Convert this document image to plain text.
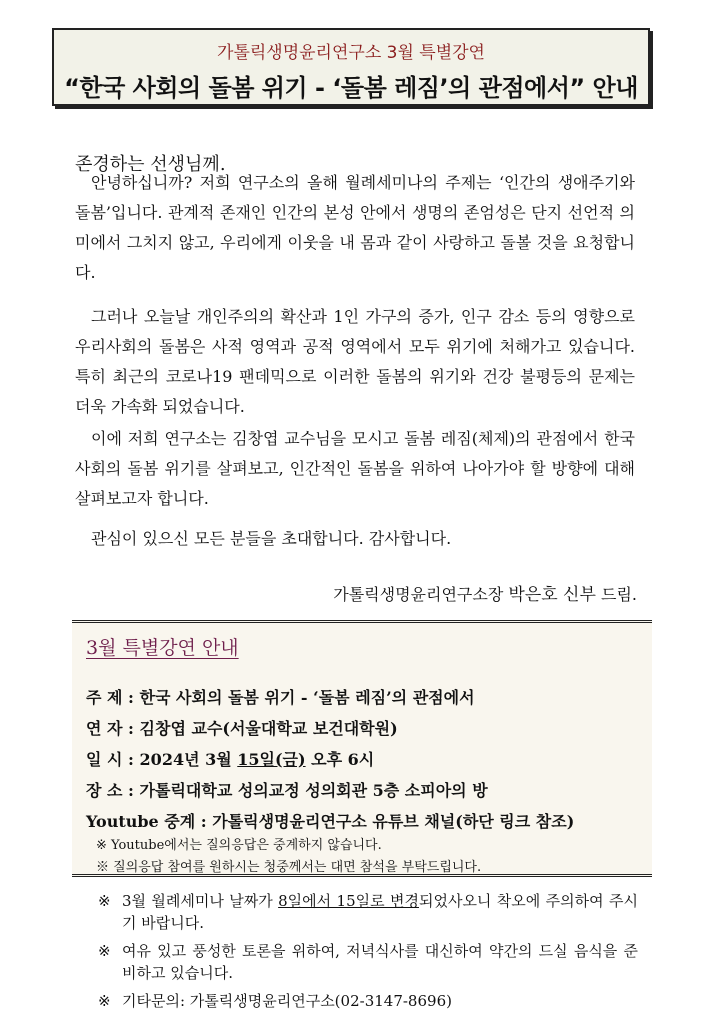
가톨릭생명윤리연구소 3월 특별강연
“한국 사회의 돌봄 위기 - ‘돌봄 레짐’의 관점에서” 안내
존경하는 선생님께.

안녕하십니까? 저희 연구소의 올해 월례세미나의 주제는 ‘인간의 생애주기와 돌봄’입니다. 관계적 존재인 인간의 본성 안에서 생명의 존엄성은 단지 선언적 의미에서 그치지 않고, 우리에게 이웃을 내 몸과 같이 사랑하고 돌볼 것을 요청합니다.

그러나 오늘날 개인주의의 확산과 1인 가구의 증가, 인구 감소 등의 영향으로 우리사회의 돌봄은 사적 영역과 공적 영역에서 모두 위기에 처해가고 있습니다. 특히 최근의 코로나19 팬데믹으로 이러한 돌봄의 위기와 건강 불평등의 문제는 더욱 가속화 되었습니다.

이에 저희 연구소는 김창엽 교수님을 모시고 돌봄 레짐(체제)의 관점에서 한국 사회의 돌봄 위기를 살펴보고, 인간적인 돌봄을 위하여 나아가야 할 방향에 대해 살펴보고자 합니다.

관심이 있으신 모든 분들을 초대합니다. 감사합니다.

가톨릭생명윤리연구소장 박은호 신부 드림.
3월 특별강연 안내
주 제 : 한국 사회의 돌봄 위기 - ‘돌봄 레짐’의 관점에서
연 자 : 김창엽 교수(서울대학교 보건대학원)
일 시 : 2024년 3월 15일(금) 오후 6시
장 소 : 가톨릭대학교 성의교정 성의회관 5층 소피아의 방
Youtube 중계 : 가톨릭생명윤리연구소 유튜브 채널(하단 링크 참조)
※ Youtube에서는 질의응답은 중계하지 않습니다.
※ 질의응답 참여를 원하시는 청중께서는 대면 참석을 부탁드립니다.
※ 3월 월례세미나 날짜가 8일에서 15일로 변경되었사오니 착오에 주의하여 주시기 바랍니다.
※ 여유 있고 풍성한 토론을 위하여, 저녁식사를 대신하여 약간의 드실 음식을 준비하고 있습니다.
※ 기타문의: 가톨릭생명윤리연구소(02-3147-8696)
